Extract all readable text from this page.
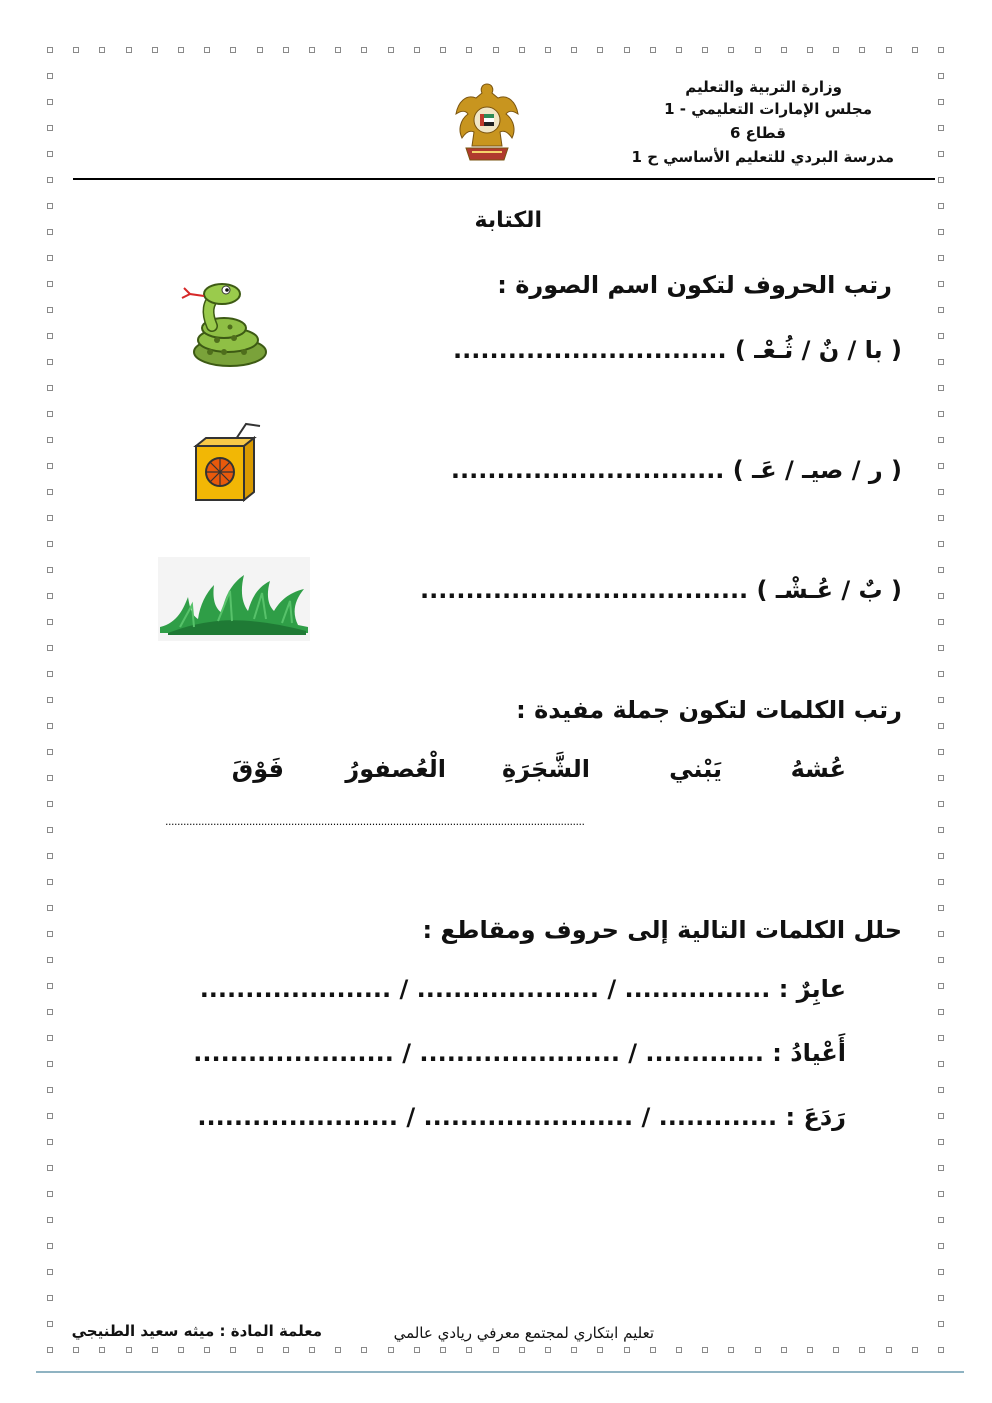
وزارة التربية والتعليم
مجلس الإمارات التعليمي - 1
قطاع 6
مدرسة البردي للتعليم الأساسي ح 1
الكتابة
رتب الحروف لتكون اسم الصورة :
( با / نٌ / ثُـعْـ ) ..............................
( ر / صيـ / عَـ ) ..............................
( بٌ / عُـشْـ ) ....................................
رتب الكلمات لتكون جملة مفيدة :
عُشهُ
يَبْني
الشَّجَرَةِ
الْعُصفورُ
فَوْقَ
............................................................................................................................................
حلل الكلمات التالية إلى حروف ومقاطع :
عابِرٌ : ................ / .................... / .....................
أَعْيادُ : ............. / ...................... / ......................
رَدَعَ : ............. / ....................... / ......................
تعليم ابتكاري لمجتمع معرفي ريادي عالمي
معلمة المادة : ميثه سعيد الطنيجي
